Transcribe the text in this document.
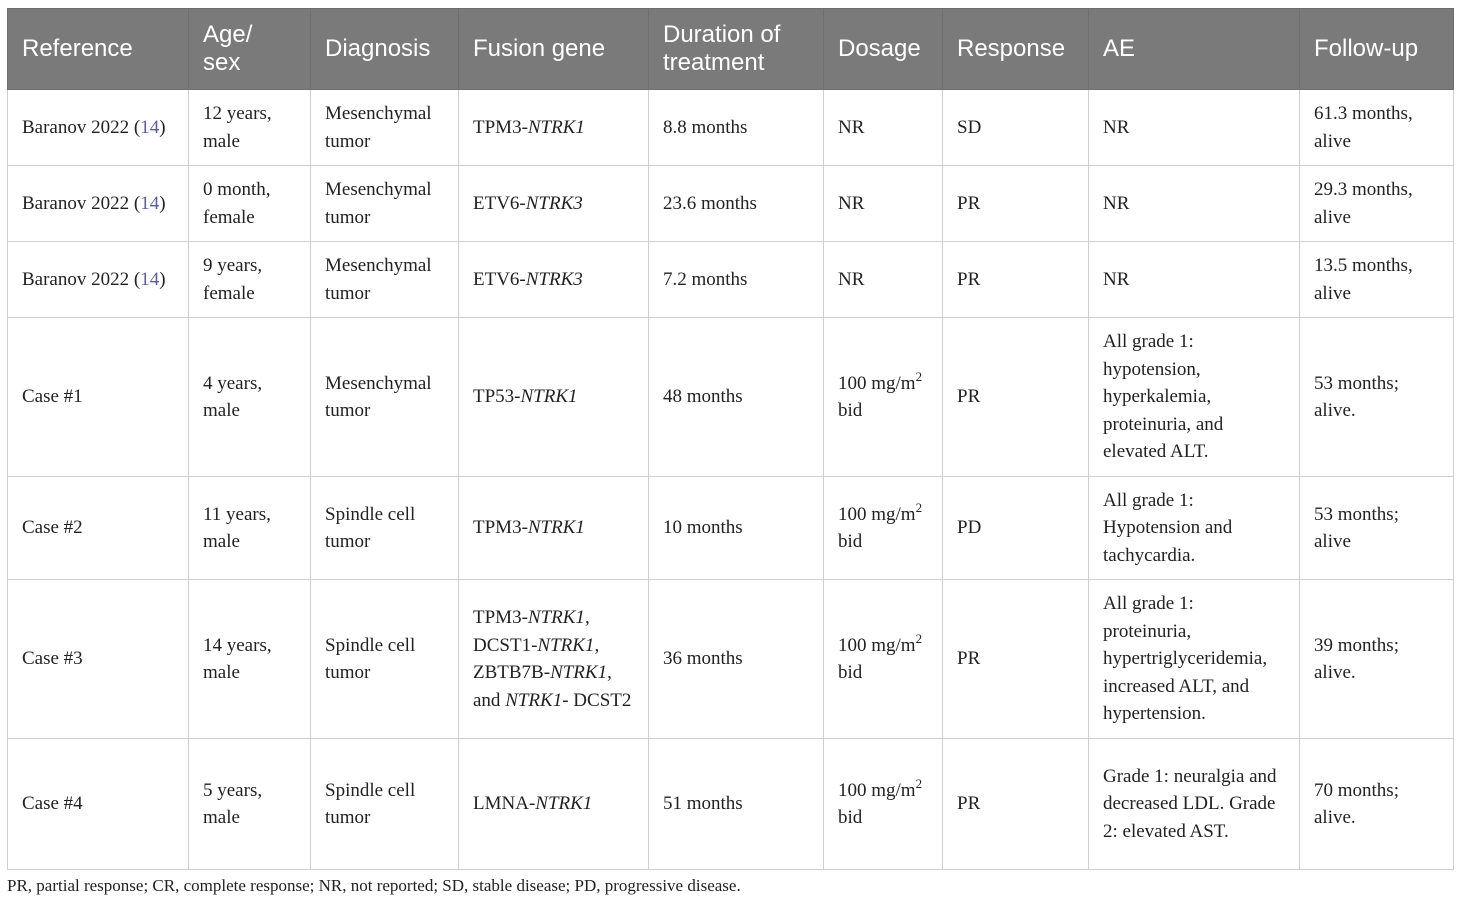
Reference	Age/ sex	Diagnosis	Fusion gene	Duration of treatment	Dosage	Response	AE	Follow-up
Baranov 2022 (14)	12 years, male	Mesenchymal tumor	TPM3-NTRK1	8.8 months	NR	SD	NR	61.3 months, alive
Baranov 2022 (14)	0 month, female	Mesenchymal tumor	ETV6-NTRK3	23.6 months	NR	PR	NR	29.3 months, alive
Baranov 2022 (14)	9 years, female	Mesenchymal tumor	ETV6-NTRK3	7.2 months	NR	PR	NR	13.5 months, alive
Case #1	4 years, male	Mesenchymal tumor	TP53-NTRK1	48 months	100 $mg/m^2$ bid	PR	All grade 1: hypotension, hyperkalemia, proteinuria, and elevated ALT.	53 months; alive.
Case #2	11 years, male	Spindle cell tumor	TPM3-NTRK1	10 months	100 $mg/m^2$ bid	PD	All grade 1: Hypotension and tachycardia.	53 months; alive
Case #3	14 years, male	Spindle cell tumor	TPM3-NTRK1, DCST1-NTRK1, ZBTB7B-NTRK1, and NTRK1- DCST2	36 months	100 $mg/m^2$ bid	PR	All grade 1: proteinuria, hypertriglyceridemia, increased ALT, and hypertension.	39 months; alive.
Case #4	5 years, male	Spindle cell tumor	LMNA-NTRK1	51 months	100 $mg/m^2$ bid	PR	Grade 1: neuralgia and decreased LDL. Grade 2: elevated AST.	70 months; alive.
PR, partial response; CR, complete response; NR, not reported; SD, stable disease; PD, progressive disease.
